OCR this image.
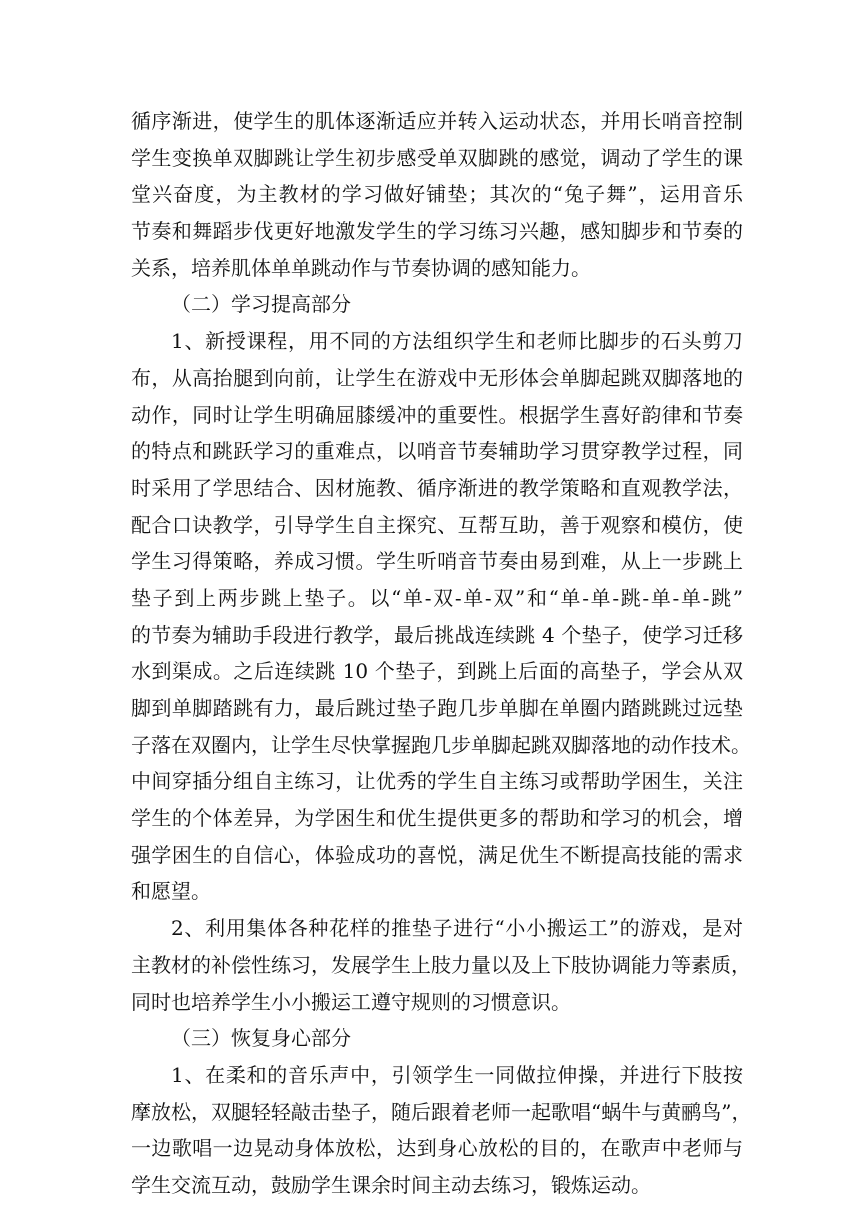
循序渐进，使学生的肌体逐渐适应并转入运动状态，并用长哨音控制
学生变换单双脚跳让学生初步感受单双脚跳的感觉，调动了学生的课
堂兴奋度，为主教材的学习做好铺垫；其次的“兔子舞”，运用音乐
节奏和舞蹈步伐更好地激发学生的学习练习兴趣，感知脚步和节奏的
关系，培养肌体单单跳动作与节奏协调的感知能力。
（二）学习提高部分
1、新授课程，用不同的方法组织学生和老师比脚步的石头剪刀
布，从高抬腿到向前，让学生在游戏中无形体会单脚起跳双脚落地的
动作，同时让学生明确屈膝缓冲的重要性。根据学生喜好韵律和节奏
的特点和跳跃学习的重难点，以哨音节奏辅助学习贯穿教学过程，同
时采用了学思结合、因材施教、循序渐进的教学策略和直观教学法，
配合口诀教学，引导学生自主探究、互帮互助，善于观察和模仿，使
学生习得策略，养成习惯。学生听哨音节奏由易到难，从上一步跳上
垫子到上两步跳上垫子。以“单-双-单-双”和“单-单-跳-单-单-跳”
的节奏为辅助手段进行教学，最后挑战连续跳 4 个垫子，使学习迁移
水到渠成。之后连续跳 10 个垫子，到跳上后面的高垫子，学会从双
脚到单脚踏跳有力，最后跳过垫子跑几步单脚在单圈内踏跳跳过远垫
子落在双圈内，让学生尽快掌握跑几步单脚起跳双脚落地的动作技术。
中间穿插分组自主练习，让优秀的学生自主练习或帮助学困生，关注
学生的个体差异，为学困生和优生提供更多的帮助和学习的机会，增
强学困生的自信心，体验成功的喜悦，满足优生不断提高技能的需求
和愿望。
2、利用集体各种花样的推垫子进行“小小搬运工”的游戏，是对
主教材的补偿性练习，发展学生上肢力量以及上下肢协调能力等素质，
同时也培养学生小小搬运工遵守规则的习惯意识。
（三）恢复身心部分
1、在柔和的音乐声中，引领学生一同做拉伸操，并进行下肢按
摩放松，双腿轻轻敲击垫子，随后跟着老师一起歌唱“蜗牛与黄鹂鸟”，
一边歌唱一边晃动身体放松，达到身心放松的目的，在歌声中老师与
学生交流互动，鼓励学生课余时间主动去练习，锻炼运动。
